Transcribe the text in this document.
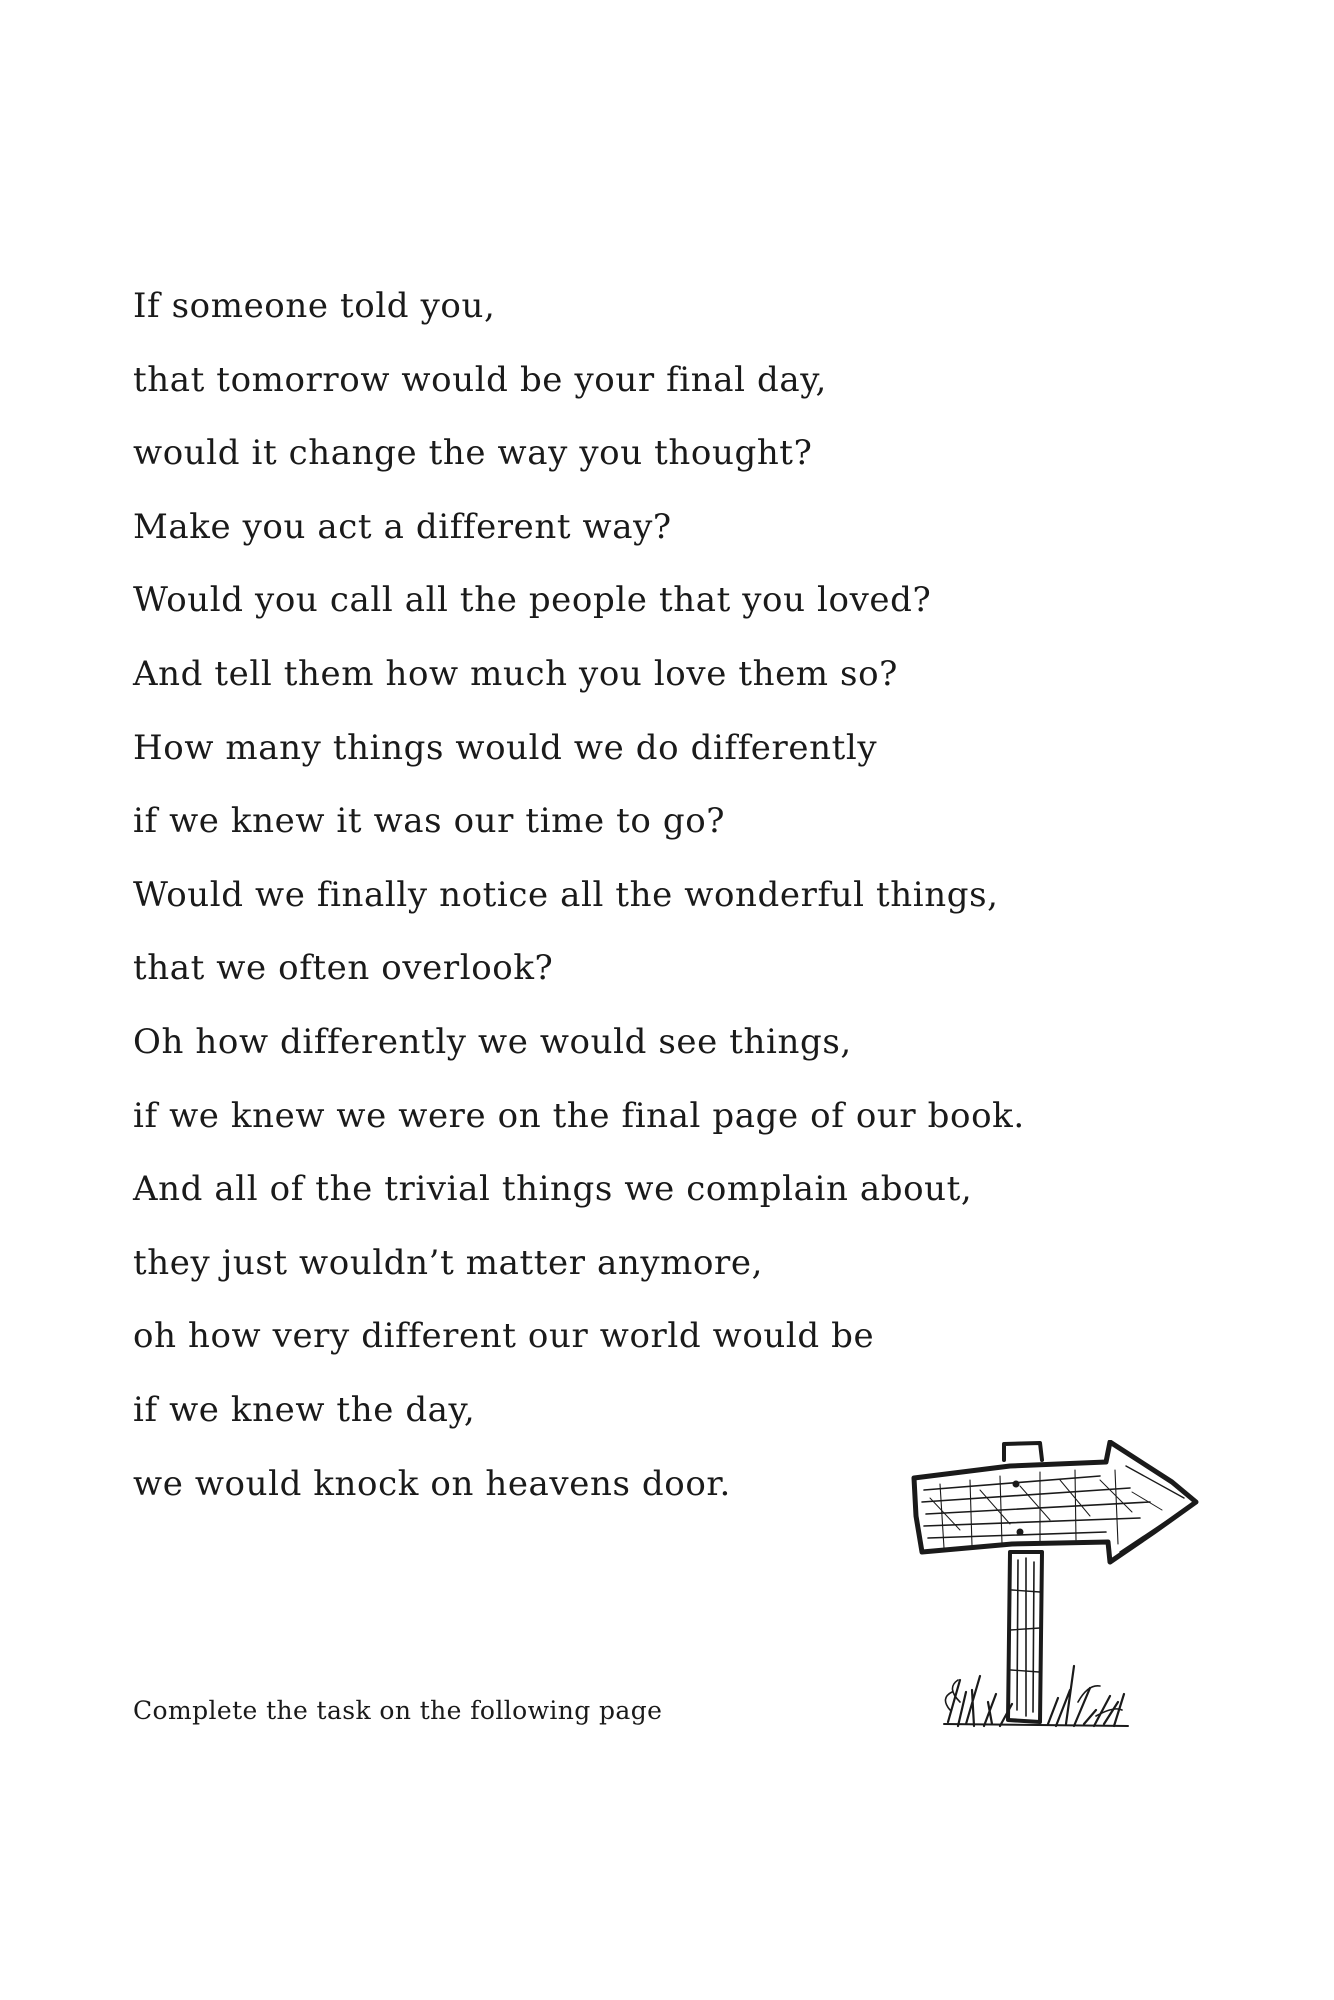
If someone told you,
that tomorrow would be your final day,
would it change the way you thought?
Make you act a different way?
Would you call all the people that you loved?
And tell them how much you love them so?
How many things would we do differently
if we knew it was our time to go?
Would we finally notice all the wonderful things,
that we often overlook?
Oh how differently we would see things,
if we knew we were on the final page of our book.
And all of the trivial things we complain about,
they just wouldn’t matter anymore,
oh how very different our world would be
if we knew the day,
we would knock on heavens door.
Complete the task on the following page
